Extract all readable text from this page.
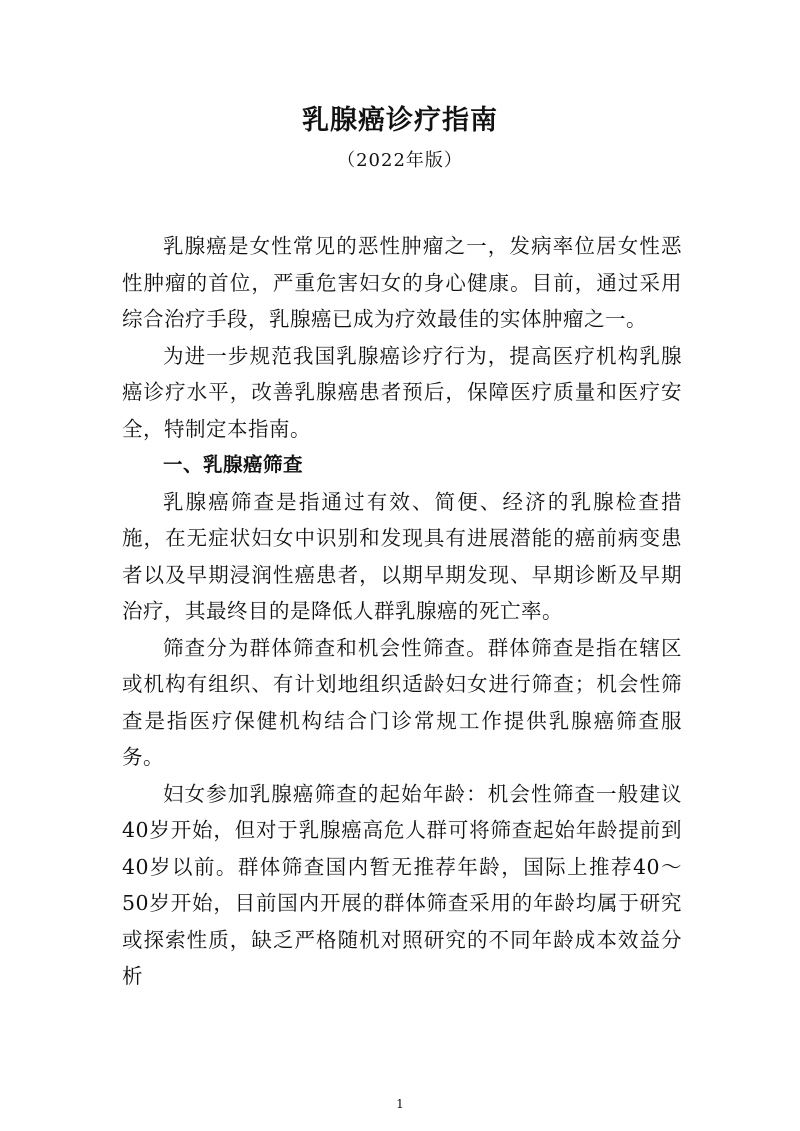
乳腺癌诊疗指南
（2022年版）

乳腺癌是女性常见的恶性肿瘤之一，发病率位居女性恶性肿瘤的首位，严重危害妇女的身心健康。目前，通过采用综合治疗手段，乳腺癌已成为疗效最佳的实体肿瘤之一。

为进一步规范我国乳腺癌诊疗行为，提高医疗机构乳腺癌诊疗水平，改善乳腺癌患者预后，保障医疗质量和医疗安全，特制定本指南。

一、乳腺癌筛查

乳腺癌筛查是指通过有效、简便、经济的乳腺检查措施，在无症状妇女中识别和发现具有进展潜能的癌前病变患者以及早期浸润性癌患者，以期早期发现、早期诊断及早期治疗，其最终目的是降低人群乳腺癌的死亡率。

筛查分为群体筛查和机会性筛查。群体筛查是指在辖区或机构有组织、有计划地组织适龄妇女进行筛查；机会性筛查是指医疗保健机构结合门诊常规工作提供乳腺癌筛查服务。

妇女参加乳腺癌筛查的起始年龄：机会性筛查一般建议40岁开始，但对于乳腺癌高危人群可将筛查起始年龄提前到40岁以前。群体筛查国内暂无推荐年龄，国际上推荐40～50岁开始，目前国内开展的群体筛查采用的年龄均属于研究或探索性质，缺乏严格随机对照研究的不同年龄成本效益分析

1
